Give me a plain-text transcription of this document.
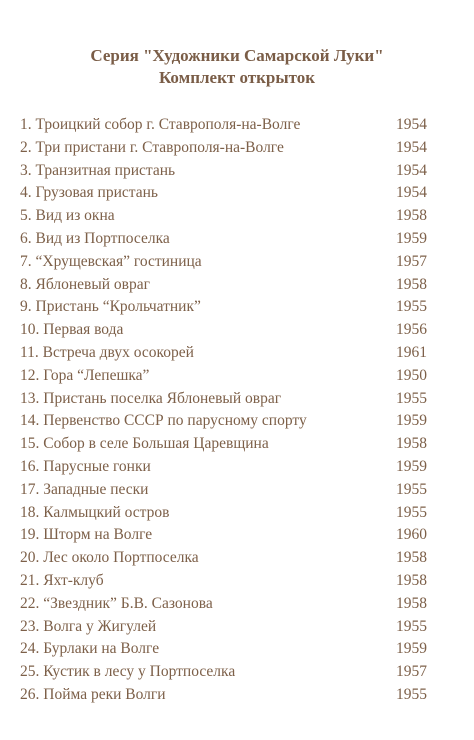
Серия "Художники Самарской Луки"
Комплект открыток
1. Троицкий собор г. Ставрополя-на-Волге	1954
2. Три пристани г. Ставрополя-на-Волге	1954
3. Транзитная пристань	1954
4. Грузовая пристань	1954
5. Вид из окна	1958
6. Вид из Портпоселка	1959
7. “Хрущевская” гостиница	1957
8. Яблоневый овраг	1958
9. Пристань “Крольчатник”	1955
10. Первая вода	1956
11. Встреча двух осокорей	1961
12. Гора “Лепешка”	1950
13. Пристань поселка Яблоневый овраг	1955
14. Первенство СССР по парусному спорту	1959
15. Собор в селе Большая Царевщина	1958
16. Парусные гонки	1959
17. Западные пески	1955
18. Калмыцкий остров	1955
19. Шторм на Волге	1960
20. Лес около Портпоселка	1958
21. Яхт-клуб	1958
22. “Звездник” Б.В. Сазонова	1958
23. Волга у Жигулей	1955
24. Бурлаки на Волге	1959
25. Кустик в лесу у Портпоселка	1957
26. Пойма реки Волги	1955
